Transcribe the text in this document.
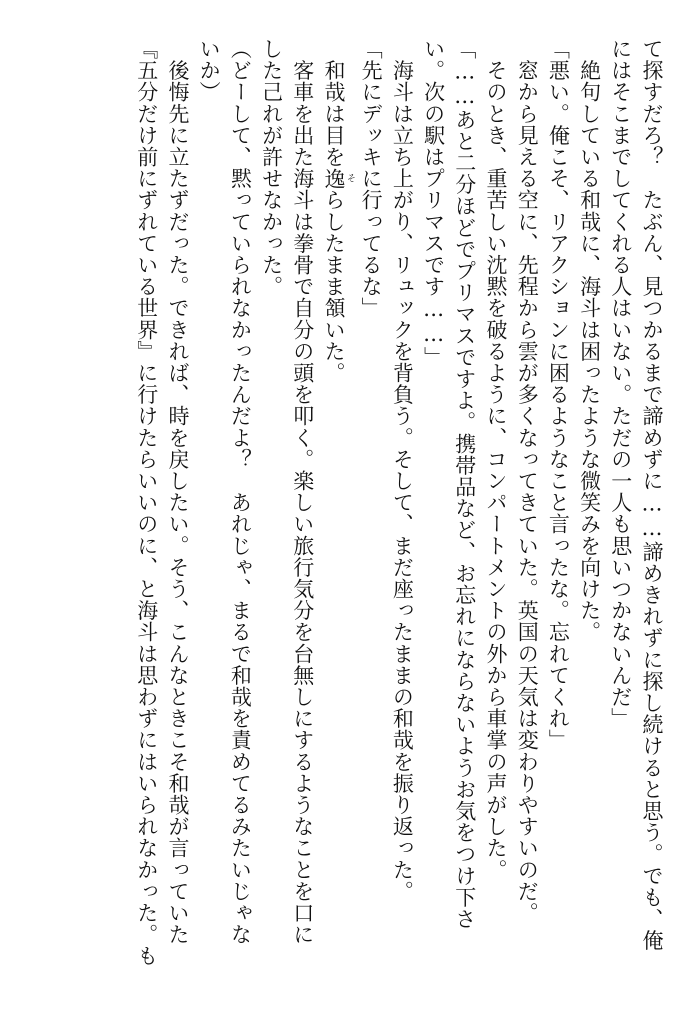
て探すだろ？　たぶん、見つかるまで諦めずに……諦めきれずに探し続けると思う。でも、俺
にはそこまでしてくれる人はいない。ただの一人も思いつかないんだ」
　絶句している和哉に、海斗は困ったような微笑みを向けた。
「悪い。俺こそ、リアクションに困るようなこと言ったな。忘れてくれ」
　窓から見える空に、先程から雲が多くなってきていた。英国の天気は変わりやすいのだ。
　そのとき、重苦しい沈黙を破るように、コンパートメントの外から車掌の声がした。
「……あと二分ほどでプリマスですよ。携帯品など、お忘れにならないようお気をつけ下さ
い。次の駅はプリマスです……」
　海斗は立ち上がり、リュックを背負う。そして、まだ座ったままの和哉を振り返った。
「先にデッキに行ってるな」
　和哉は目を逸 そらしたまま頷いた。
　客車を出た海斗は拳骨で自分の頭を叩く。楽しい旅行気分を台無しにするようなことを口に
した己れが許せなかった。
（どーして、黙っていられなかったんだよ？　あれじゃ、まるで和哉を責めてるみたいじゃな
いか）
　後悔先に立たずだった。できれば、時を戻したい。そう、こんなときこそ和哉が言っていた
『五分だけ前にずれている世界』に行けたらいいのに、と海斗は思わずにはいられなかった。も
